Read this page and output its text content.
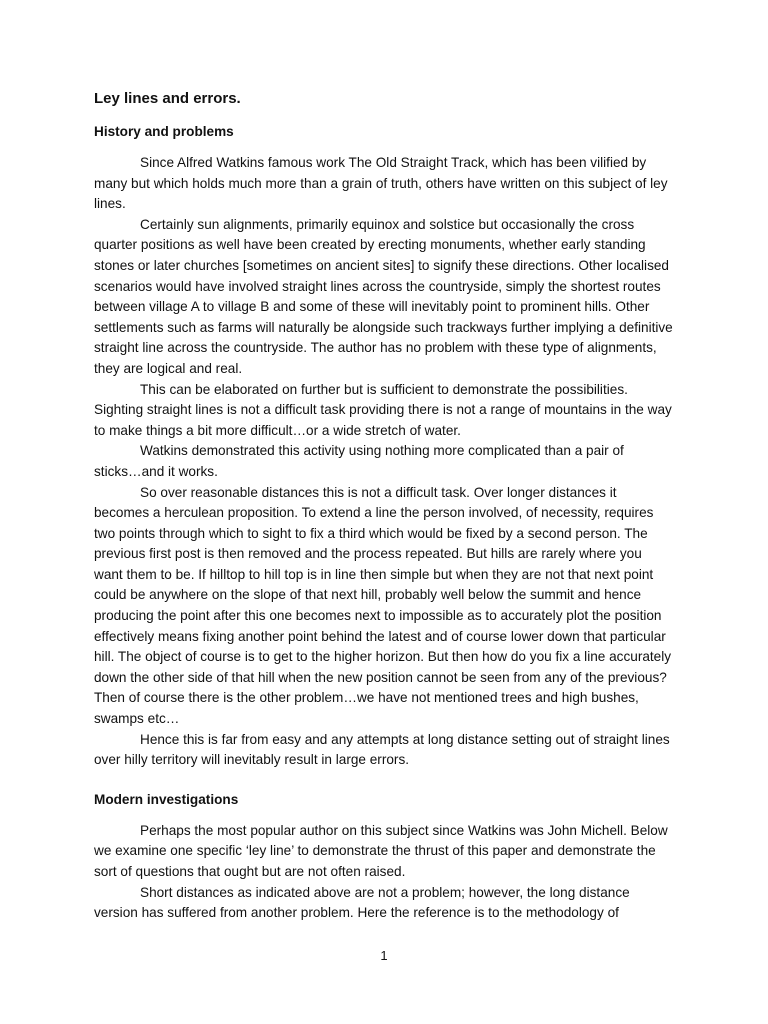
Ley lines and errors.
History and problems

Since Alfred Watkins famous work The Old Straight Track, which has been vilified by many but which holds much more than a grain of truth, others have written on this subject of ley lines.

Certainly sun alignments, primarily equinox and solstice but occasionally the cross quarter positions as well have been created by erecting monuments, whether early standing stones or later churches [sometimes on ancient sites] to signify these directions. Other localised scenarios would have involved straight lines across the countryside, simply the shortest routes between village A to village B and some of these will inevitably point to prominent hills. Other settlements such as farms will naturally be alongside such trackways further implying a definitive straight line across the countryside. The author has no problem with these type of alignments, they are logical and real.

This can be elaborated on further but is sufficient to demonstrate the possibilities. Sighting straight lines is not a difficult task providing there is not a range of mountains in the way to make things a bit more difficult…or a wide stretch of water.

Watkins demonstrated this activity using nothing more complicated than a pair of sticks…and it works.

So over reasonable distances this is not a difficult task. Over longer distances it becomes a herculean proposition. To extend a line the person involved, of necessity, requires two points through which to sight to fix a third which would be fixed by a second person. The previous first post is then removed and the process repeated. But hills are rarely where you want them to be. If hilltop to hill top is in line then simple but when they are not that next point could be anywhere on the slope of that next hill, probably well below the summit and hence producing the point after this one becomes next to impossible as to accurately plot the position effectively means fixing another point behind the latest and of course lower down that particular hill. The object of course is to get to the higher horizon. But then how do you fix a line accurately down the other side of that hill when the new position cannot be seen from any of the previous? Then of course there is the other problem…we have not mentioned trees and high bushes, swamps etc…

Hence this is far from easy and any attempts at long distance setting out of straight lines over hilly territory will inevitably result in large errors.

Modern investigations

Perhaps the most popular author on this subject since Watkins was John Michell. Below we examine one specific ‘ley line’ to demonstrate the thrust of this paper and demonstrate the sort of questions that ought but are not often raised.

Short distances as indicated above are not a problem; however, the long distance version has suffered from another problem. Here the reference is to the methodology of

1
